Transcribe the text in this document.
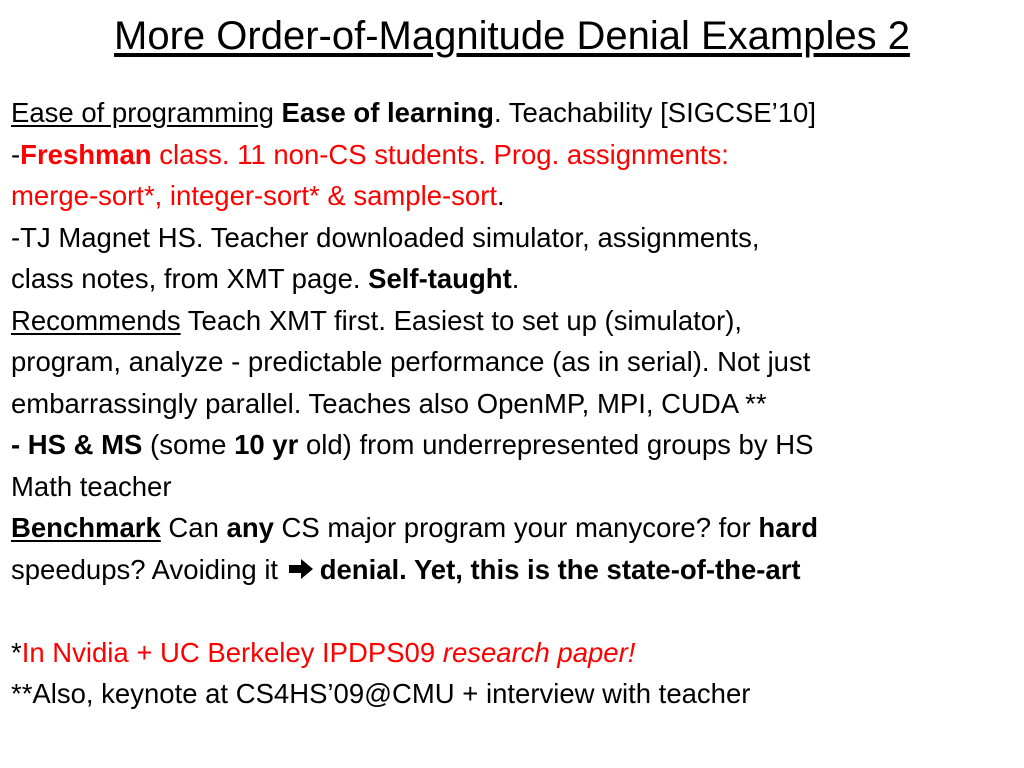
More Order-of-Magnitude Denial Examples 2
Ease of programming Ease of learning. Teachability [SIGCSE’10]
-Freshman class. 11 non-CS students. Prog. assignments:
merge-sort*, integer-sort* & sample-sort.
-TJ Magnet HS. Teacher downloaded simulator, assignments,
class notes, from XMT page. Self-taught.
Recommends Teach XMT first. Easiest to set up (simulator),
program, analyze - predictable performance (as in serial). Not just
embarrassingly parallel. Teaches also OpenMP, MPI, CUDA **
- HS & MS (some 10 yr old) from underrepresented groups by HS
Math teacher
Benchmark Can any CS major program your manycore? for hard
speedups? Avoiding it denial. Yet, this is the state-of-the-art
*In Nvidia + UC Berkeley IPDPS09 research paper!
**Also, keynote at CS4HS’09@CMU + interview with teacher
